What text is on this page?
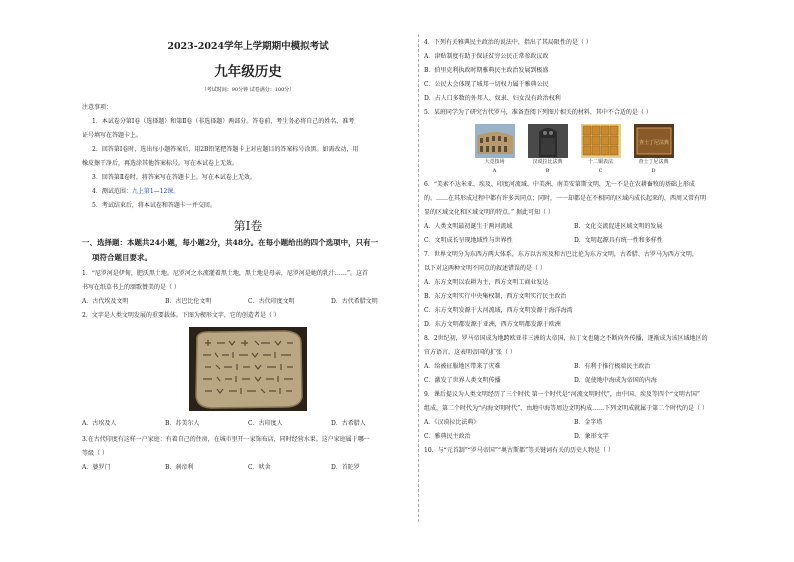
2023-2024学年上学期期中模拟考试
九年级历史
（考试时间：90分钟 试卷满分：100分）
注意事项：
1．本试卷分第Ⅰ卷（选择题）和第Ⅱ卷（非选择题）两部分。答卷前，考生务必将自己的姓名、准考
证号填写在答题卡上。
2．回答第Ⅰ卷时，选出每小题答案后，用2B铅笔把答题卡上对应题目的答案标号涂黑。如需改动，用
橡皮擦干净后，再选涂其他答案标号。写在本试卷上无效。
3．回答第Ⅱ卷时，将答案写在答题卡上。写在本试卷上无效。
4．测试范围：九上第1—12课。
5．考试结束后，将本试卷和答题卡一并交回。
第Ⅰ卷
一、选择题：本题共24小题，每小题2分，共48分。在每小题给出的四个选项中，只有一
项符合题目要求。
1．“尼罗河是伊甸，肥沃黑土地。尼罗河之水流灌着黑土地，黑土地是母亲，尼罗河是她的乳汁……”。这首
书写在纸草书上的颂歌赞美的是（ ）
A．古代埃及文明	B．古巴比伦文明	C．古代印度文明	D．古代希腊文明
2．文字是人类文明发展的重要载体。下图为楔形文字，它的创造者是（ ）
A．古埃及人	B．苏美尔人	C．古印度人	D．古希腊人
3.在古代印度有这样一户家庭：有着自己的住房，在城市里开一家饰布店，同时经营水果。这户家庭属于哪一
等级（ ）
A．婆罗门	B．刹帝利	C．吠舍	D．首陀罗
4．下列有关雅典民主政治的说法中，指出了其局限性的是（ ）
A．津贴制度有助于保证贫穷公民正常参政议政
B．伯里克利执政时期雅典民主政治发展到极盛
C．公民大会体现了城邦一切权力属于雅典公民
D．占人口多数的外邦人、奴隶、妇女没有政治权利
5．某班同学为了研究古代罗马，准备查阅下列图片相关的材料，其中不合适的是（ ）
大竞技场
A
汉谟拉比法典
B
十二铜表法
C
查士丁尼法典
查士丁尼法典
D
6．“美索不达米亚、埃及、印度河流域、中美洲、南美安第斯文明，无一不是在农耕畜牧的基础上形成
的。……在其形成过程中都有许多共同点；同时，一一却都是在不相同的区域内成长起来的，西周又常有明
显的区域文化和区域文明的特点。” 据此可知（ ）
A．人类文明最初诞生于两河流域	B．文化交流促进区域文明的发展
C．文明成长呈现地域性与世界性	D．文明起源具有统一性和多样性
7．世界文明分为东西方两大体系，东方以古埃及和古巴比伦为东方文明，古希腊、古罗马为西方文明，
以下对这两种文明不同点的叙述错误的是（ ）
A．东方文明以农耕为主，西方文明工商业发达
B．东方文明实行中央集权制，西方文明实行民主政治
C．东方文明发源于大河流域，西方文明发源于海洋海湾
D．东方文明都发源于亚洲，西方文明都发源于欧洲
8．2世纪初，罗马帝国成为地跨欧亚非三洲的大帝国，拉丁文也随之不断向外传播，逐渐成为该区域地区的
官方语言。这表明帝国的扩张（ ）
A．给被征服地区带来了灾难	B．有利于推行极端民主政治
C．激发了世界人类文明传播	D．促使地中海成为帝国的内海
9．课后提议为人类文明经历了三个时代 第一个时代是“河流文明时代”，由中国、埃及等四个“文明古国”
组成，第二个时代为“内海文明时代”，由地中海等周边文明构成……下列文明成就属于第二个时代的是（ ）
A．《汉谟拉比法典》	B．金字塔
C．雅典民主政治	D．象形文字
10．与“元首制”“罗马帝国”“奥古斯都”等关键词有关的历史人物是（ ）
